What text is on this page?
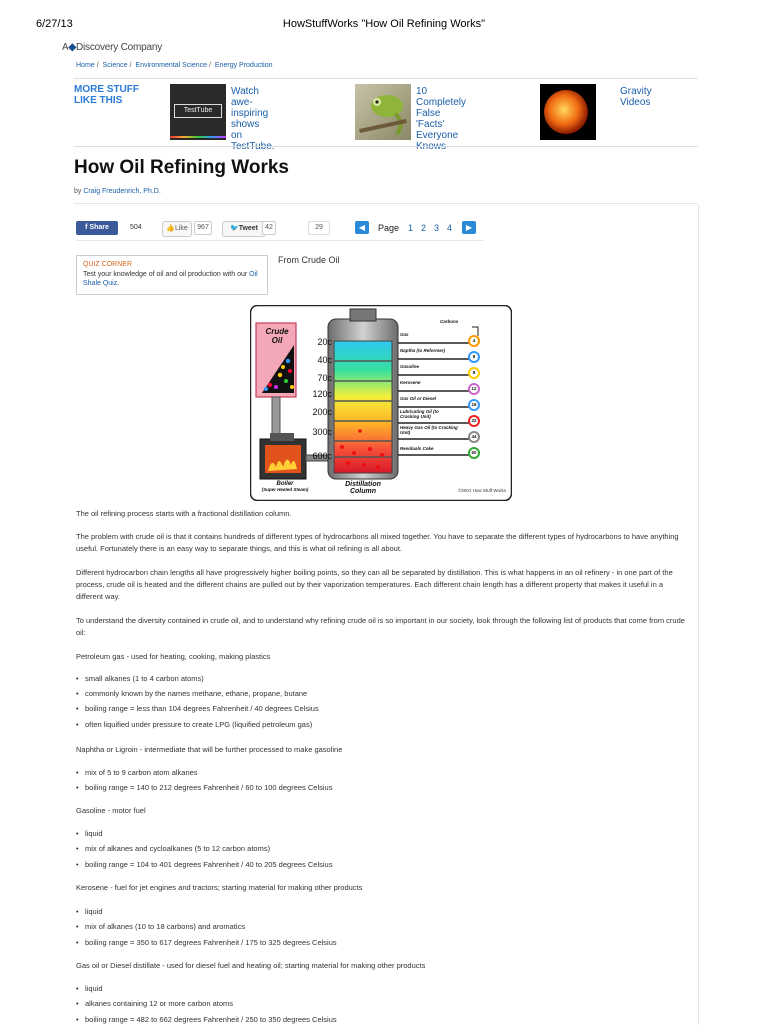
6/27/13	HowStuffWorks "How Oil Refining Works"
A◆Discovery Company
Home / Science / Environmental Science / Energy Production
MORE STUFF
LIKE THIS
TestTube
Watch awe-
inspiring shows
on
10 Completely
False 'Facts'
Everyone
Gravity Videos
How Oil Refining Works
by Craig Freudenrich, Ph.D.
f Share	504	👍Like	967	🐦Tweet	42	29	◀	Page 1 2 3 4	▶
QUIZ CORNER
Test your knowledge of oil and oil production with our Oil Shale Quiz.
From Crude Oil
Crude
Oil	20c
40c
70c
120c
200c
300c
600c
Carbons
Gas
Naptha (to Reformer)
Gasoline
Kerosene
Gas Oil or Diesel
Lubricating Oil (to Cracking Unit)
Heavy Gas Oil (to Cracking Unit)
Residuals Coke
4
8
8
12
16
32
44
60
Boiler
(Super Heated Steam)
Distillation
Column	©2001 How Stuff Works
The oil refining process starts with a fractional distillation column.
The problem with crude oil is that it contains hundreds of different types of hydrocarbons all mixed together. You have to separate the different types of hydrocarbons to have anything useful. Fortunately there is an easy way to separate things, and this is what oil refining is all about.
Different hydrocarbon chain lengths all have progressively higher boiling points, so they can all be separated by distillation. This is what happens in an oil refinery - in one part of the process, crude oil is heated and the different chains are pulled out by their vaporization temperatures. Each different chain length has a different property that makes it useful in a different way.
To understand the diversity contained in crude oil, and to understand why refining crude oil is so important in our society, look through the following list of products that come from crude oil:
Petroleum gas - used for heating, cooking, making plastics
• small alkanes (1 to 4 carbon atoms)
• commonly known by the names methane, ethane, propane, butane
• boiling range = less than 104 degrees Fahrenheit / 40 degrees Celsius
• often liquified under pressure to create LPG (liquified petroleum gas)
Naphtha or Ligroin - intermediate that will be further processed to make gasoline
• mix of 5 to 9 carbon atom alkanes
• boiling range = 140 to 212 degrees Fahrenheit / 60 to 100 degrees Celsius
Gasoline - motor fuel
• liquid
• mix of alkanes and cycloalkanes (5 to 12 carbon atoms)
• boiling range = 104 to 401 degrees Fahrenheit / 40 to 205 degrees Celsius
Kerosene - fuel for jet engines and tractors; starting material for making other products
• liquid
• mix of alkanes (10 to 18 carbons) and aromatics
• boiling range = 350 to 617 degrees Fahrenheit / 175 to 325 degrees Celsius
Gas oil or Diesel distillate - used for diesel fuel and heating oil; starting material for making other products
• liquid
• alkanes containing 12 or more carbon atoms
• boiling range = 482 to 662 degrees Fahrenheit / 250 to 350 degrees Celsius
